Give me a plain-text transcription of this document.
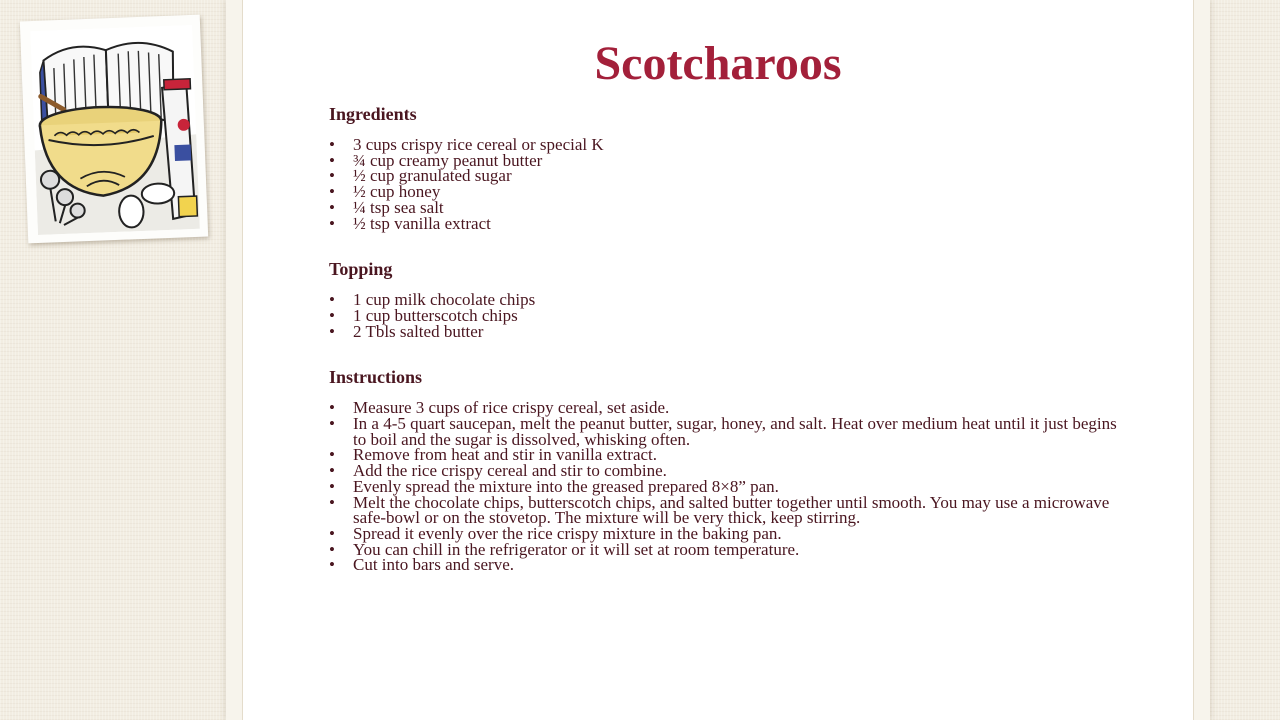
Scotcharoos
Ingredients
• 3 cups crispy rice cereal or special K
• ¾ cup creamy peanut butter
• ½ cup granulated sugar
• ½ cup honey
• ¼ tsp sea salt
• ½ tsp vanilla extract
Topping
• 1 cup milk chocolate chips
• 1 cup butterscotch chips
• 2 Tbls salted butter
Instructions
• Measure 3 cups of rice crispy cereal, set aside.
• In a 4-5 quart saucepan, melt the peanut butter, sugar, honey, and salt. Heat over medium heat until it just begins to boil and the sugar is dissolved, whisking often.
• Remove from heat and stir in vanilla extract.
• Add the rice crispy cereal and stir to combine.
• Evenly spread the mixture into the greased prepared 8×8” pan.
• Melt the chocolate chips, butterscotch chips, and salted butter together until smooth. You may use a microwave safe-bowl or on the stovetop. The mixture will be very thick, keep stirring.
• Spread it evenly over the rice crispy mixture in the baking pan.
• You can chill in the refrigerator or it will set at room temperature.
• Cut into bars and serve.
